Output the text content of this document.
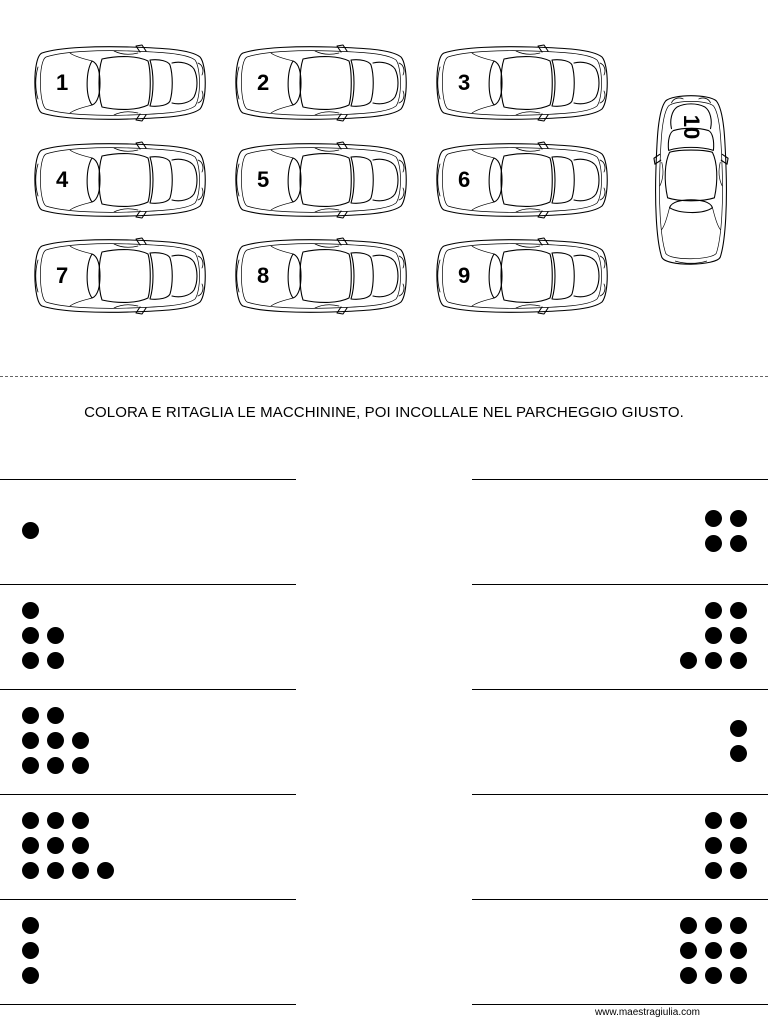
1	2	3
4	5	6
7	8	9
10
COLORA E RITAGLIA LE MACCHININE, POI INCOLLALE NEL PARCHEGGIO GIUSTO.
www.maestragiulia.com
